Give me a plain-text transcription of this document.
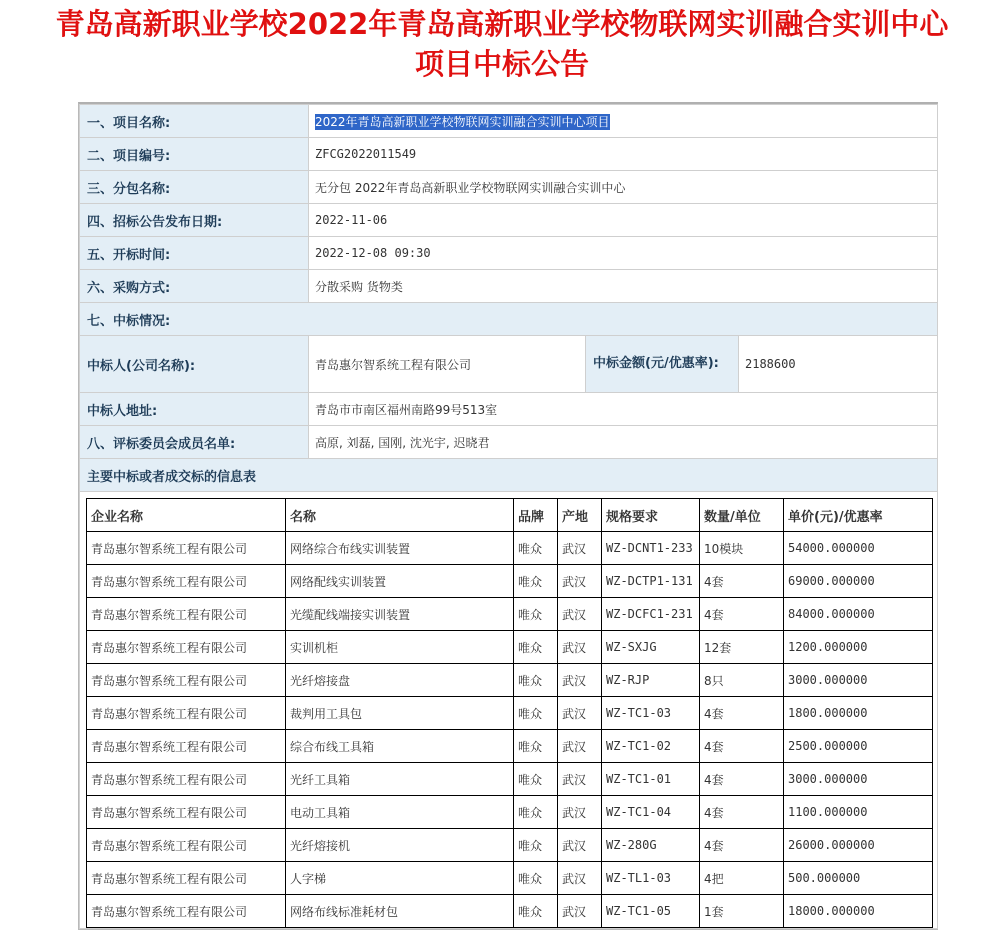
青岛高新职业学校2022年青岛高新职业学校物联网实训融合实训中心
项目中标公告
一、项目名称:	2022年青岛高新职业学校物联网实训融合实训中心项目
二、项目编号:	ZFCG2022011549
三、分包名称:	无分包 2022年青岛高新职业学校物联网实训融合实训中心
四、招标公告发布日期:	2022-11-06
五、开标时间:	2022-12-08 09:30
六、采购方式:	分散采购 货物类
七、中标情况:
中标人(公司名称):	青岛惠尔智系统工程有限公司	中标金额(元/优惠率):	2188600
中标人地址:	青岛市市南区福州南路99号513室
八、评标委员会成员名单:	高原, 刘磊, 国刚, 沈光宇, 迟晓君
主要中标或者成交标的信息表

企业名称	名称	品牌	产地	规格要求	数量/单位	单价(元)/优惠率
青岛惠尔智系统工程有限公司	网络综合布线实训装置	唯众	武汉	WZ-DCNT1-233	10模块	54000.000000
青岛惠尔智系统工程有限公司	网络配线实训装置	唯众	武汉	WZ-DCTP1-131	4套	69000.000000
青岛惠尔智系统工程有限公司	光缆配线端接实训装置	唯众	武汉	WZ-DCFC1-231	4套	84000.000000
青岛惠尔智系统工程有限公司	实训机柜	唯众	武汉	WZ-SXJG	12套	1200.000000
青岛惠尔智系统工程有限公司	光纤熔接盘	唯众	武汉	WZ-RJP	8只	3000.000000
青岛惠尔智系统工程有限公司	裁判用工具包	唯众	武汉	WZ-TC1-03	4套	1800.000000
青岛惠尔智系统工程有限公司	综合布线工具箱	唯众	武汉	WZ-TC1-02	4套	2500.000000
青岛惠尔智系统工程有限公司	光纤工具箱	唯众	武汉	WZ-TC1-01	4套	3000.000000
青岛惠尔智系统工程有限公司	电动工具箱	唯众	武汉	WZ-TC1-04	4套	1100.000000
青岛惠尔智系统工程有限公司	光纤熔接机	唯众	武汉	WZ-280G	4套	26000.000000
青岛惠尔智系统工程有限公司	人字梯	唯众	武汉	WZ-TL1-03	4把	500.000000
青岛惠尔智系统工程有限公司	网络布线标准耗材包	唯众	武汉	WZ-TC1-05	1套	18000.000000
